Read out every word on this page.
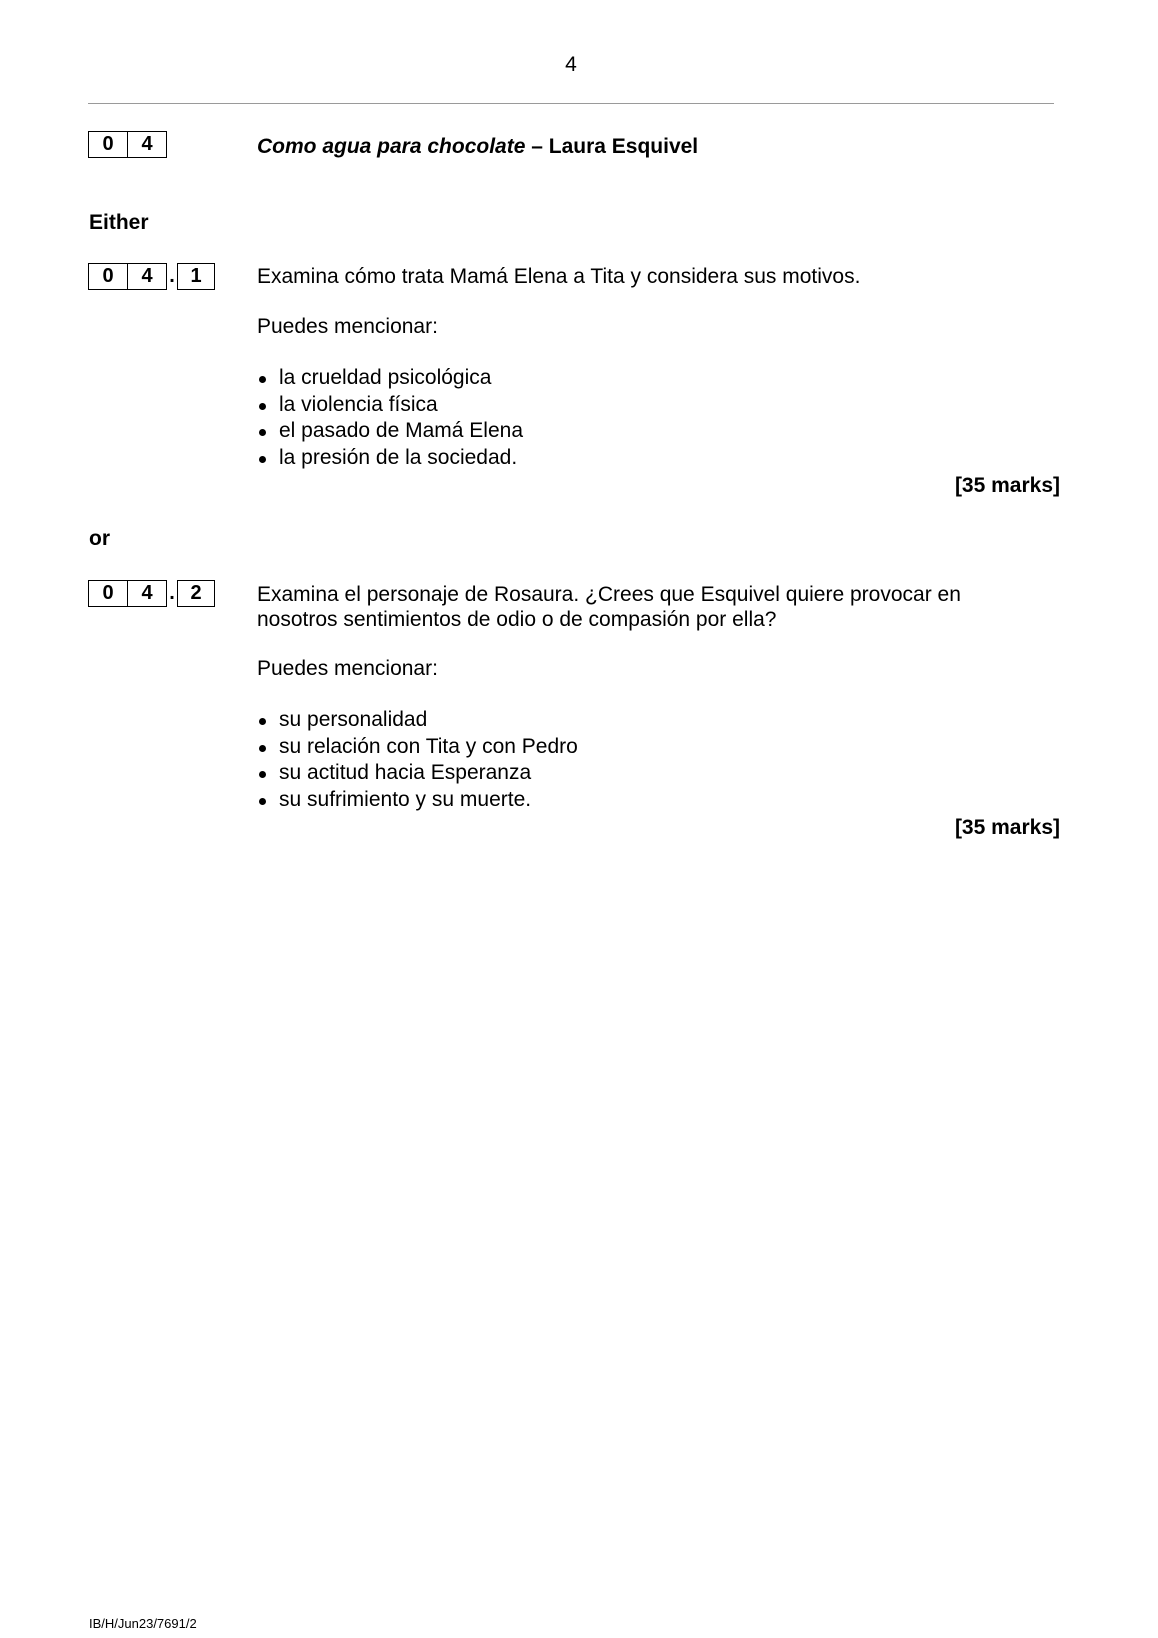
4
0	4	Como agua para chocolate – Laura Esquivel
Either
0	4 . 1	Examina cómo trata Mamá Elena a Tita y considera sus motivos.
Puedes mencionar:
la crueldad psicológica
la violencia física
el pasado de Mamá Elena
la presión de la sociedad.
[35 marks]
or
0	4 . 2	Examina el personaje de Rosaura. ¿Crees que Esquivel quiere provocar en nosotros sentimientos de odio o de compasión por ella?
Puedes mencionar:
su personalidad
su relación con Tita y con Pedro
su actitud hacia Esperanza
su sufrimiento y su muerte.
[35 marks]
IB/H/Jun23/7691/2
